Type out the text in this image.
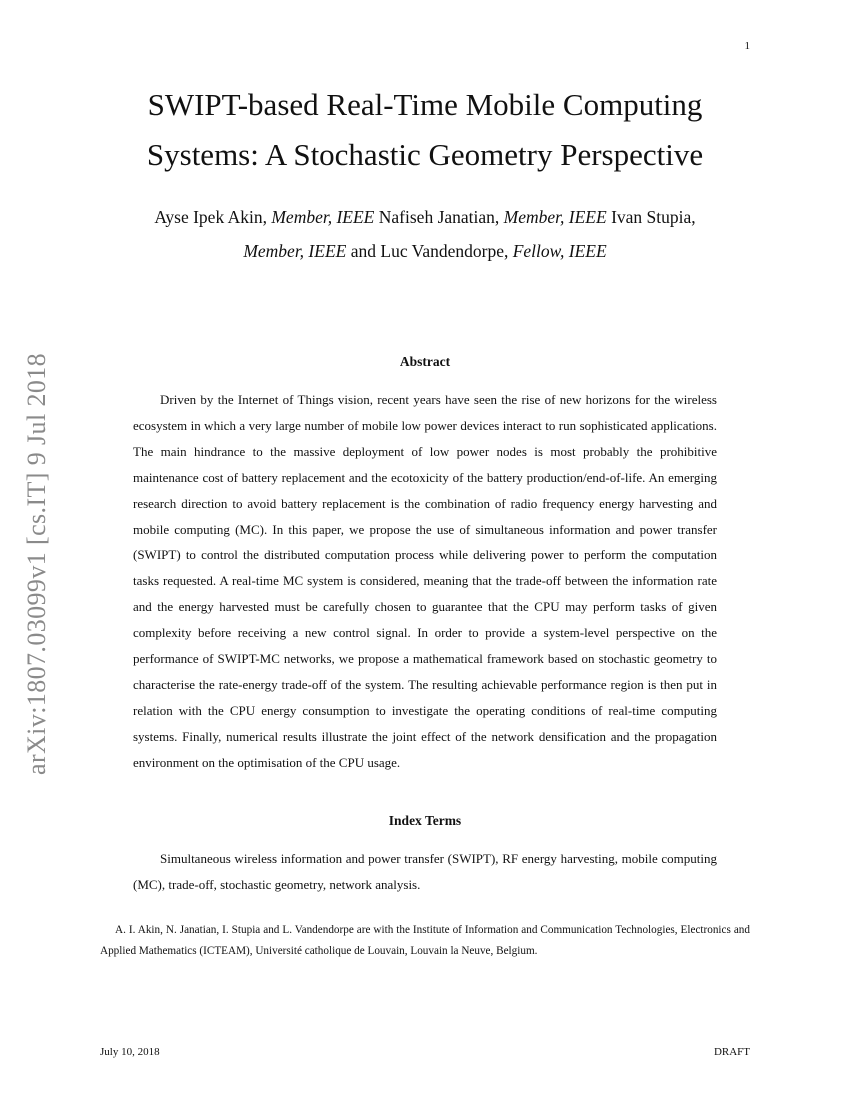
1
arXiv:1807.03099v1 [cs.IT] 9 Jul 2018
SWIPT-based Real-Time Mobile Computing
Systems: A Stochastic Geometry Perspective
Ayse Ipek Akin, Member, IEEE Nafiseh Janatian, Member, IEEE Ivan Stupia,
Member, IEEE and Luc Vandendorpe, Fellow, IEEE
Abstract

Driven by the Internet of Things vision, recent years have seen the rise of new horizons for the wireless ecosystem in which a very large number of mobile low power devices interact to run sophisticated applications. The main hindrance to the massive deployment of low power nodes is most probably the prohibitive maintenance cost of battery replacement and the ecotoxicity of the battery production/end-of-life. An emerging research direction to avoid battery replacement is the combination of radio frequency energy harvesting and mobile computing (MC). In this paper, we propose the use of simultaneous information and power transfer (SWIPT) to control the distributed computation process while delivering power to perform the computation tasks requested. A real-time MC system is considered, meaning that the trade-off between the information rate and the energy harvested must be carefully chosen to guarantee that the CPU may perform tasks of given complexity before receiving a new control signal. In order to provide a system-level perspective on the performance of SWIPT-MC networks, we propose a mathematical framework based on stochastic geometry to characterise the rate-energy trade-off of the system. The resulting achievable performance region is then put in relation with the CPU energy consumption to investigate the operating conditions of real-time computing systems. Finally, numerical results illustrate the joint effect of the network densification and the propagation environment on the optimisation of the CPU usage.

Index Terms

Simultaneous wireless information and power transfer (SWIPT), RF energy harvesting, mobile computing (MC), trade-off, stochastic geometry, network analysis.

A. I. Akin, N. Janatian, I. Stupia and L. Vandendorpe are with the Institute of Information and Communication Technologies, Electronics and Applied Mathematics (ICTEAM), Université catholique de Louvain, Louvain la Neuve, Belgium.

July 10, 2018	DRAFT
